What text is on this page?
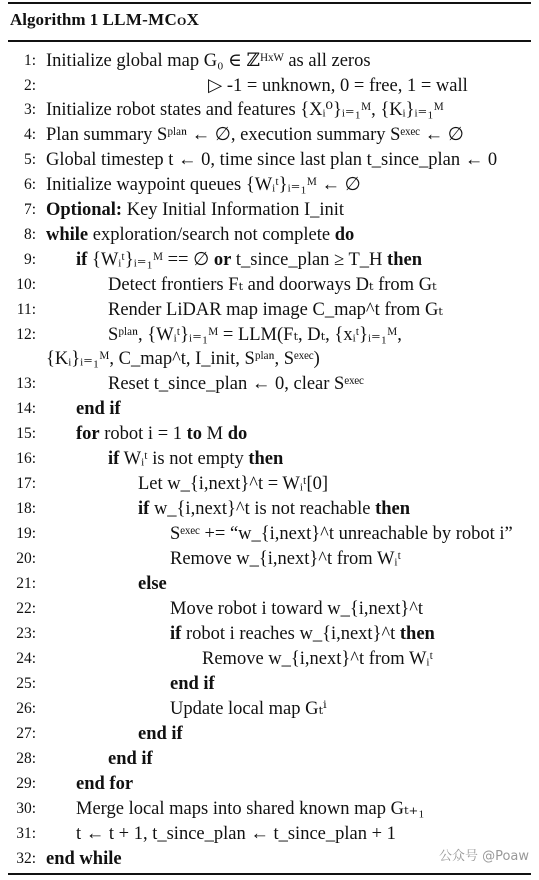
Algorithm 1 LLM-MCoX
1: Initialize global map G₀ ∈ ℤᴴˣᵂ as all zeros
2:	▷ -1 = unknown, 0 = free, 1 = wall
3: Initialize robot states and features {Xᵢ⁰}ᵢ₌₁ᴹ, {Kᵢ}ᵢ₌₁ᴹ
4: Plan summary Sᵖˡᵃⁿ ← ∅, execution summary Sᵉˣᵉᶜ ← ∅
5: Global timestep t ← 0, time since last plan t_since_plan ← 0
6: Initialize waypoint queues {Wᵢᵗ}ᵢ₌₁ᴹ ← ∅
7: Optional: Key Initial Information I_init
8: while exploration/search not complete do
9: if {Wᵢᵗ}ᵢ₌₁ᴹ == ∅ or t_since_plan ≥ T_H then
10:	Detect frontiers Fₜ and doorways Dₜ from Gₜ
11:	Render LiDAR map image C_map^t from Gₜ
12:	Sᵖˡᵃⁿ, {Wᵢᵗ}ᵢ₌₁ᴹ = LLM(Fₜ, Dₜ, {xᵢᵗ}ᵢ₌₁ᴹ,
{Kᵢ}ᵢ₌₁ᴹ, C_map^t, I_init, Sᵖˡᵃⁿ, Sᵉˣᵉᶜ)
13:	Reset t_since_plan ← 0, clear Sᵉˣᵉᶜ
14: end if
15: for robot i = 1 to M do
16:	if Wᵢᵗ is not empty then
17:	Let w_{i,next}^t = Wᵢᵗ[0]
18:	if w_{i,next}^t is not reachable then
19:	Sᵉˣᵉᶜ += “w_{i,next}^t unreachable by robot i”
20:	Remove w_{i,next}^t from Wᵢᵗ
21:	else
22:	Move robot i toward w_{i,next}^t
23:	if robot i reaches w_{i,next}^t then
24:	Remove w_{i,next}^t from Wᵢᵗ
25:	end if
26:	Update local map Gₜⁱ
27:	end if
28:	end if
29: end for
30: Merge local maps into shared known map Gₜ₊₁
31: t ← t + 1, t_since_plan ← t_since_plan + 1
32: end while	公众号 @Poaw
